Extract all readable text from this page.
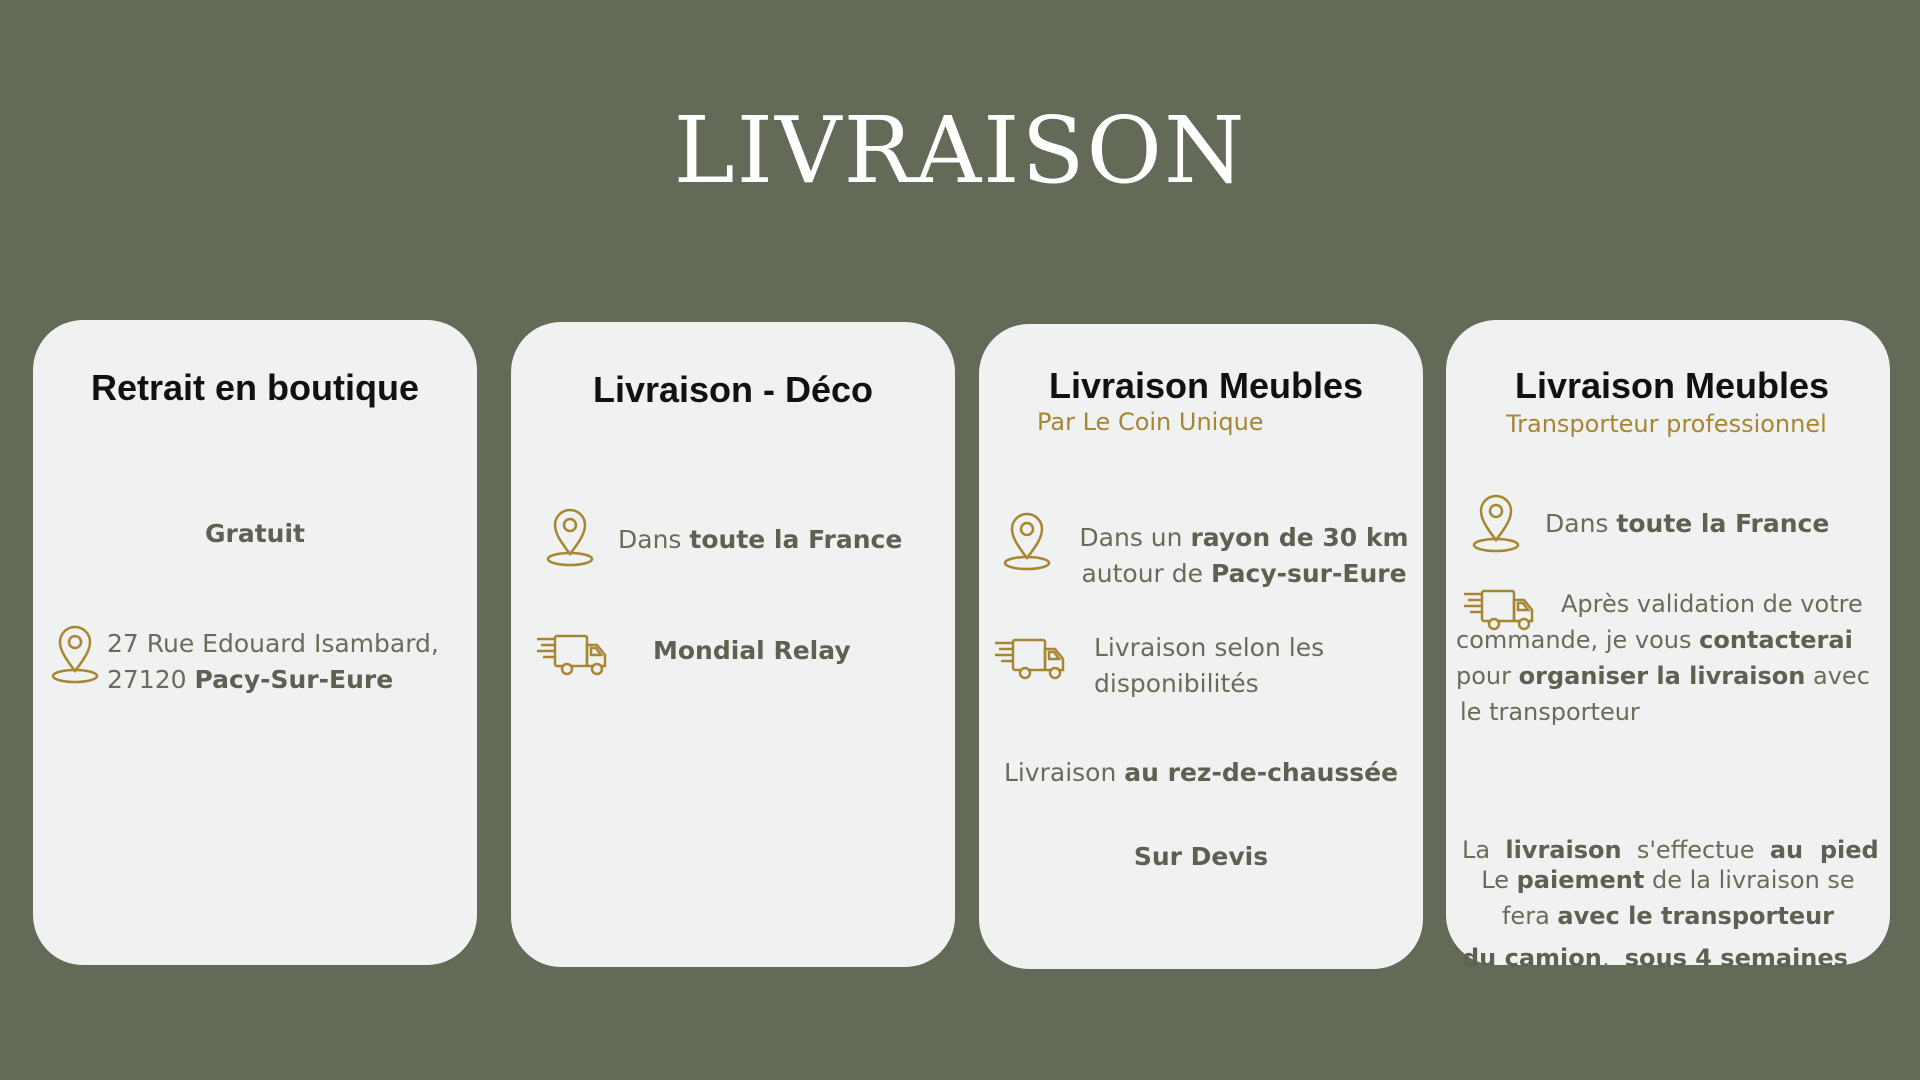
LIVRAISON
Retrait en boutique
Gratuit
27 Rue Edouard Isambard,
27120 Pacy-Sur-Eure
Livraison - Déco
Dans toute la France
Mondial Relay
Livraison Meubles
Par Le Coin Unique
Dans un rayon de 30 km
autour de Pacy-sur-Eure
Livraison selon les
disponibilités
Livraison au rez-de-chaussée
Sur Devis
Livraison Meubles
Transporteur professionnel
Dans toute la France
Après validation de votre
commande, je vous contacterai
pour organiser la livraison avec
le transporteur

La  livraison  s'effectue  au  pied

du camion,  sous 4 semaines

Le paiement de la livraison se
fera avec le transporteur
